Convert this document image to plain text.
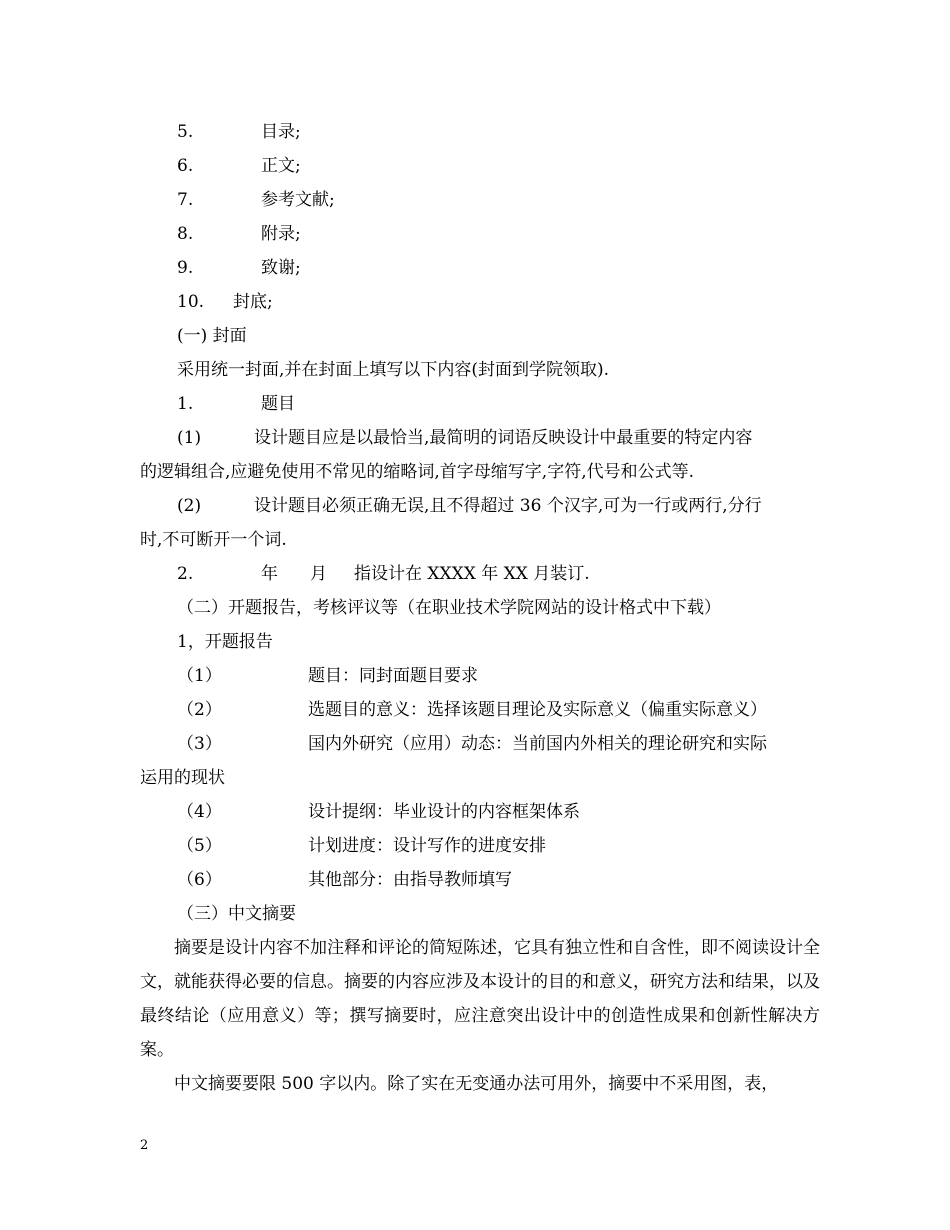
5.	目录;
6.	正文;
7.	参考文献;
8.	附录;
9.	致谢;
10. 封底;
(一) 封面
采用统一封面,并在封面上填写以下内容(封面到学院领取).
1.	题目
(1)	设计题目应是以最恰当,最简明的词语反映设计中最重要的特定内容
的逻辑组合,应避免使用不常见的缩略词,首字母缩写字,字符,代号和公式等.
(2)	设计题目必须正确无误,且不得超过 36 个汉字,可为一行或两行,分行
时,不可断开一个词.
2.	年 月 指设计在 XXXX 年 XX 月装订.
（二）开题报告，考核评议等（在职业技术学院网站的设计格式中下载）
1，开题报告
（1）	题目：同封面题目要求
（2）	选题目的意义：选择该题目理论及实际意义（偏重实际意义）
（3）	国内外研究（应用）动态：当前国内外相关的理论研究和实际
运用的现状
（4）	设计提纲：毕业设计的内容框架体系
（5）	计划进度：设计写作的进度安排
（6）	其他部分：由指导教师填写
（三）中文摘要
摘要是设计内容不加注释和评论的简短陈述，它具有独立性和自含性，即不阅读设计全文，就能获得必要的信息。摘要的内容应涉及本设计的目的和意义，研究方法和结果，以及最终结论（应用意义）等；撰写摘要时，应注意突出设计中的创造性成果和创新性解决方案。
中文摘要要限 500 字以内。除了实在无变通办法可用外，摘要中不采用图，表，
2
